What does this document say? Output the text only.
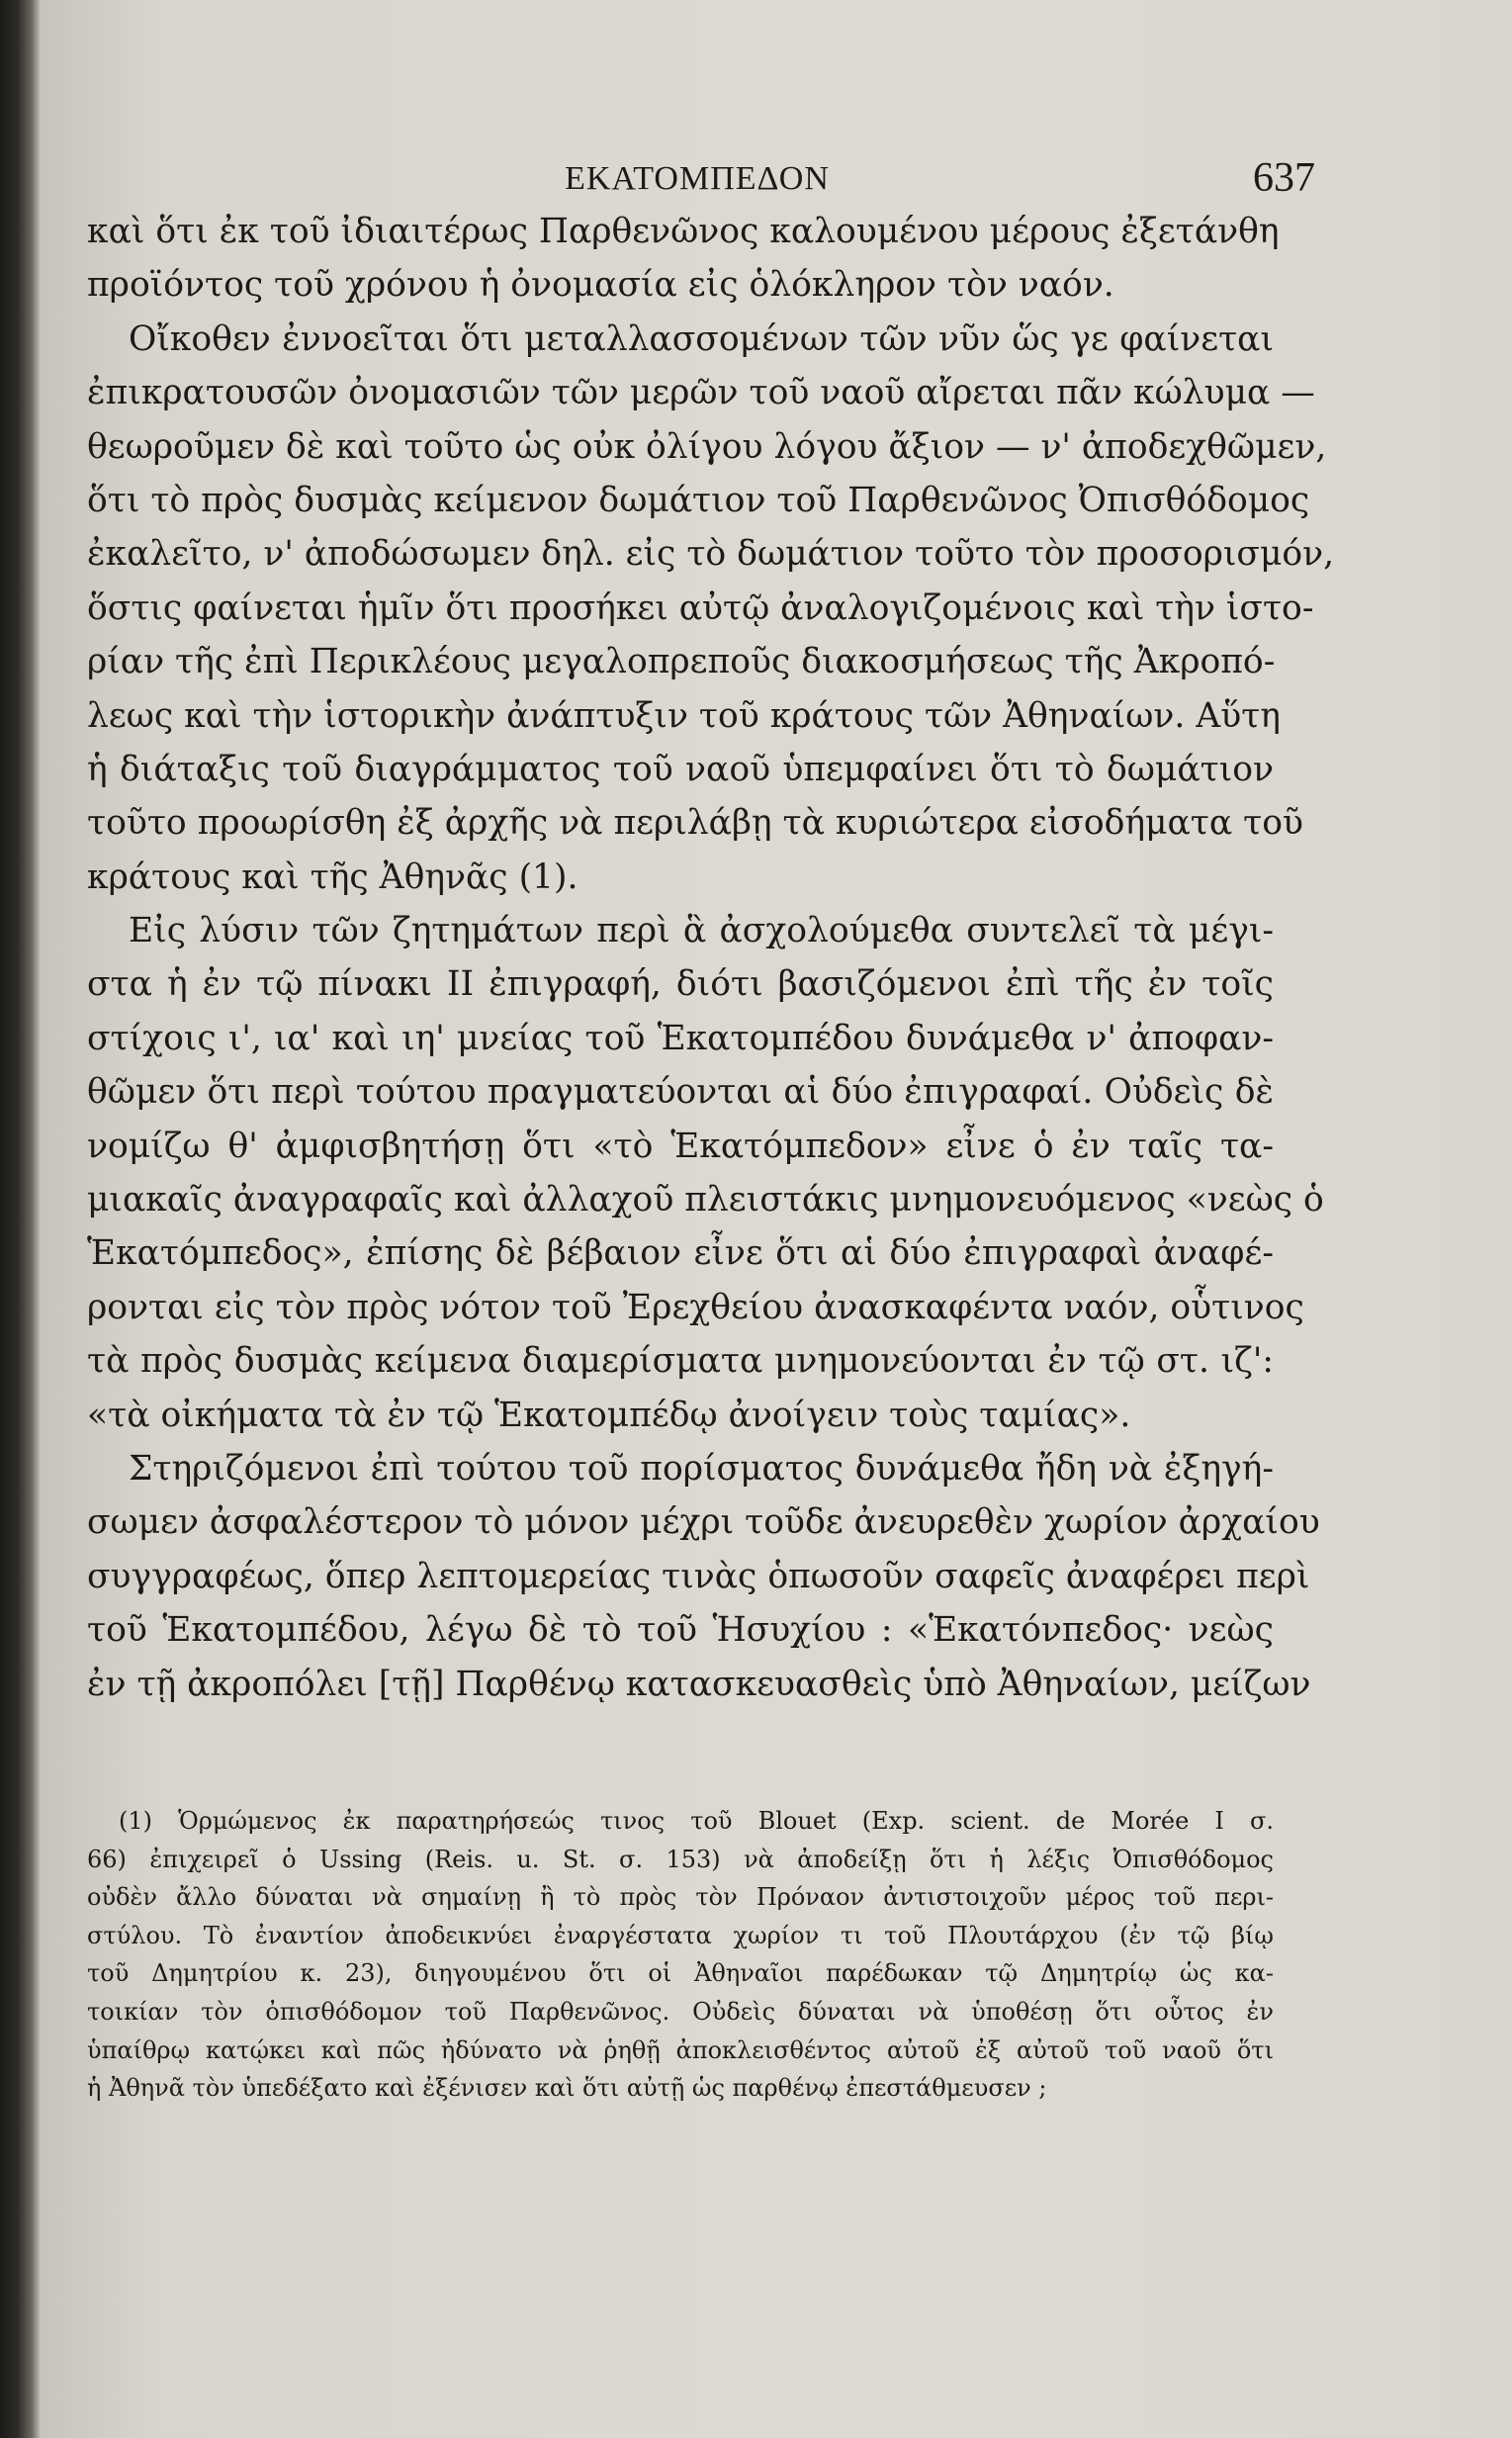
ΕΚΑΤΟΜΠΕΔΟΝ	637
καὶ ὅτι ἐκ τοῦ ἰδιαιτέρως Παρθενῶνος καλουμένου μέρους ἐξετάνθη
προϊόντος τοῦ χρόνου ἡ ὀνομασία εἰς ὁλόκληρον τὸν ναόν.
Οἴκοθεν ἐννοεῖται ὅτι μεταλλασσομένων τῶν νῦν ὥς γε φαίνεται
ἐπικρατουσῶν ὀνομασιῶν τῶν μερῶν τοῦ ναοῦ αἴρεται πᾶν κώλυμα —
θεωροῦμεν δὲ καὶ τοῦτο ὡς οὐκ ὀλίγου λόγου ἄξιον — ν' ἀποδεχθῶμεν,
ὅτι τὸ πρὸς δυσμὰς κείμενον δωμάτιον τοῦ Παρθενῶνος Ὀπισθόδομος
ἐκαλεῖτο, ν' ἀποδώσωμεν δηλ. εἰς τὸ δωμάτιον τοῦτο τὸν προσορισμόν,
ὅστις φαίνεται ἡμῖν ὅτι προσήκει αὐτῷ ἀναλογιζομένοις καὶ τὴν ἱστο-
ρίαν τῆς ἐπὶ Περικλέους μεγαλοπρεποῦς διακοσμήσεως τῆς Ἀκροπό-
λεως καὶ τὴν ἱστορικὴν ἀνάπτυξιν τοῦ κράτους τῶν Ἀθηναίων. Αὕτη
ἡ διάταξις τοῦ διαγράμματος τοῦ ναοῦ ὑπεμφαίνει ὅτι τὸ δωμάτιον
τοῦτο προωρίσθη ἐξ ἀρχῆς νὰ περιλάβῃ τὰ κυριώτερα εἰσοδήματα τοῦ
κράτους καὶ τῆς Ἀθηνᾶς (1).
Εἰς λύσιν τῶν ζητημάτων περὶ ἃ ἀσχολούμεθα συντελεῖ τὰ μέγι-
στα ἡ ἐν τῷ πίνακι ΙΙ ἐπιγραφή, διότι βασιζόμενοι ἐπὶ τῆς ἐν τοῖς
στίχοις ι', ια' καὶ ιη' μνείας τοῦ Ἑκατομπέδου δυνάμεθα ν' ἀποφαν-
θῶμεν ὅτι περὶ τούτου πραγματεύονται αἱ δύο ἐπιγραφαί. Οὐδεὶς δὲ
νομίζω θ' ἀμφισβητήσῃ ὅτι «τὸ Ἑκατόμπεδον» εἶνε ὁ ἐν ταῖς τα-
μιακαῖς ἀναγραφαῖς καὶ ἀλλαχοῦ πλειστάκις μνημονευόμενος «νεὼς ὁ
Ἑκατόμπεδος», ἐπίσης δὲ βέβαιον εἶνε ὅτι αἱ δύο ἐπιγραφαὶ ἀναφέ-
ρονται εἰς τὸν πρὸς νότον τοῦ Ἐρεχθείου ἀνασκαφέντα ναόν, οὗτινος
τὰ πρὸς δυσμὰς κείμενα διαμερίσματα μνημονεύονται ἐν τῷ στ. ιζ':
«τὰ οἰκήματα τὰ ἐν τῷ Ἑκατομπέδῳ ἀνοίγειν τοὺς ταμίας».
Στηριζόμενοι ἐπὶ τούτου τοῦ πορίσματος δυνάμεθα ἤδη νὰ ἐξηγή-
σωμεν ἀσφαλέστερον τὸ μόνον μέχρι τοῦδε ἀνευρεθὲν χωρίον ἀρχαίου
συγγραφέως, ὅπερ λεπτομερείας τινὰς ὁπωσοῦν σαφεῖς ἀναφέρει περὶ
τοῦ Ἑκατομπέδου, λέγω δὲ τὸ τοῦ Ἡσυχίου : «Ἑκατόνπεδος· νεὼς
ἐν τῇ ἀκροπόλει [τῇ] Παρθένῳ κατασκευασθεὶς ὑπὸ Ἀθηναίων, μείζων
(1) Ὁρμώμενος ἐκ παρατηρήσεώς τινος τοῦ Blouet (Exp. scient. de Morée I σ.
66) ἐπιχειρεῖ ὁ Ussing (Reis. u. St. σ. 153) νὰ ἀποδείξῃ ὅτι ἡ λέξις Ὀπισθόδομος
οὐδὲν ἄλλο δύναται νὰ σημαίνῃ ἢ τὸ πρὸς τὸν Πρόναον ἀντιστοιχοῦν μέρος τοῦ περι-
στύλου. Τὸ ἐναντίον ἀποδεικνύει ἐναργέστατα χωρίον τι τοῦ Πλουτάρχου (ἐν τῷ βίῳ
τοῦ Δημητρίου κ. 23), διηγουμένου ὅτι οἱ Ἀθηναῖοι παρέδωκαν τῷ Δημητρίῳ ὡς κα-
τοικίαν τὸν ὀπισθόδομον τοῦ Παρθενῶνος. Οὐδεὶς δύναται νὰ ὑποθέσῃ ὅτι οὗτος ἐν
ὑπαίθρῳ κατῴκει καὶ πῶς ἠδύνατο νὰ ῥηθῇ ἀποκλεισθέντος αὐτοῦ ἐξ αὐτοῦ τοῦ ναοῦ ὅτι
ἡ Ἀθηνᾶ τὸν ὑπεδέξατο καὶ ἐξένισεν καὶ ὅτι αὐτῇ ὡς παρθένῳ ἐπεστάθμευσεν ;
